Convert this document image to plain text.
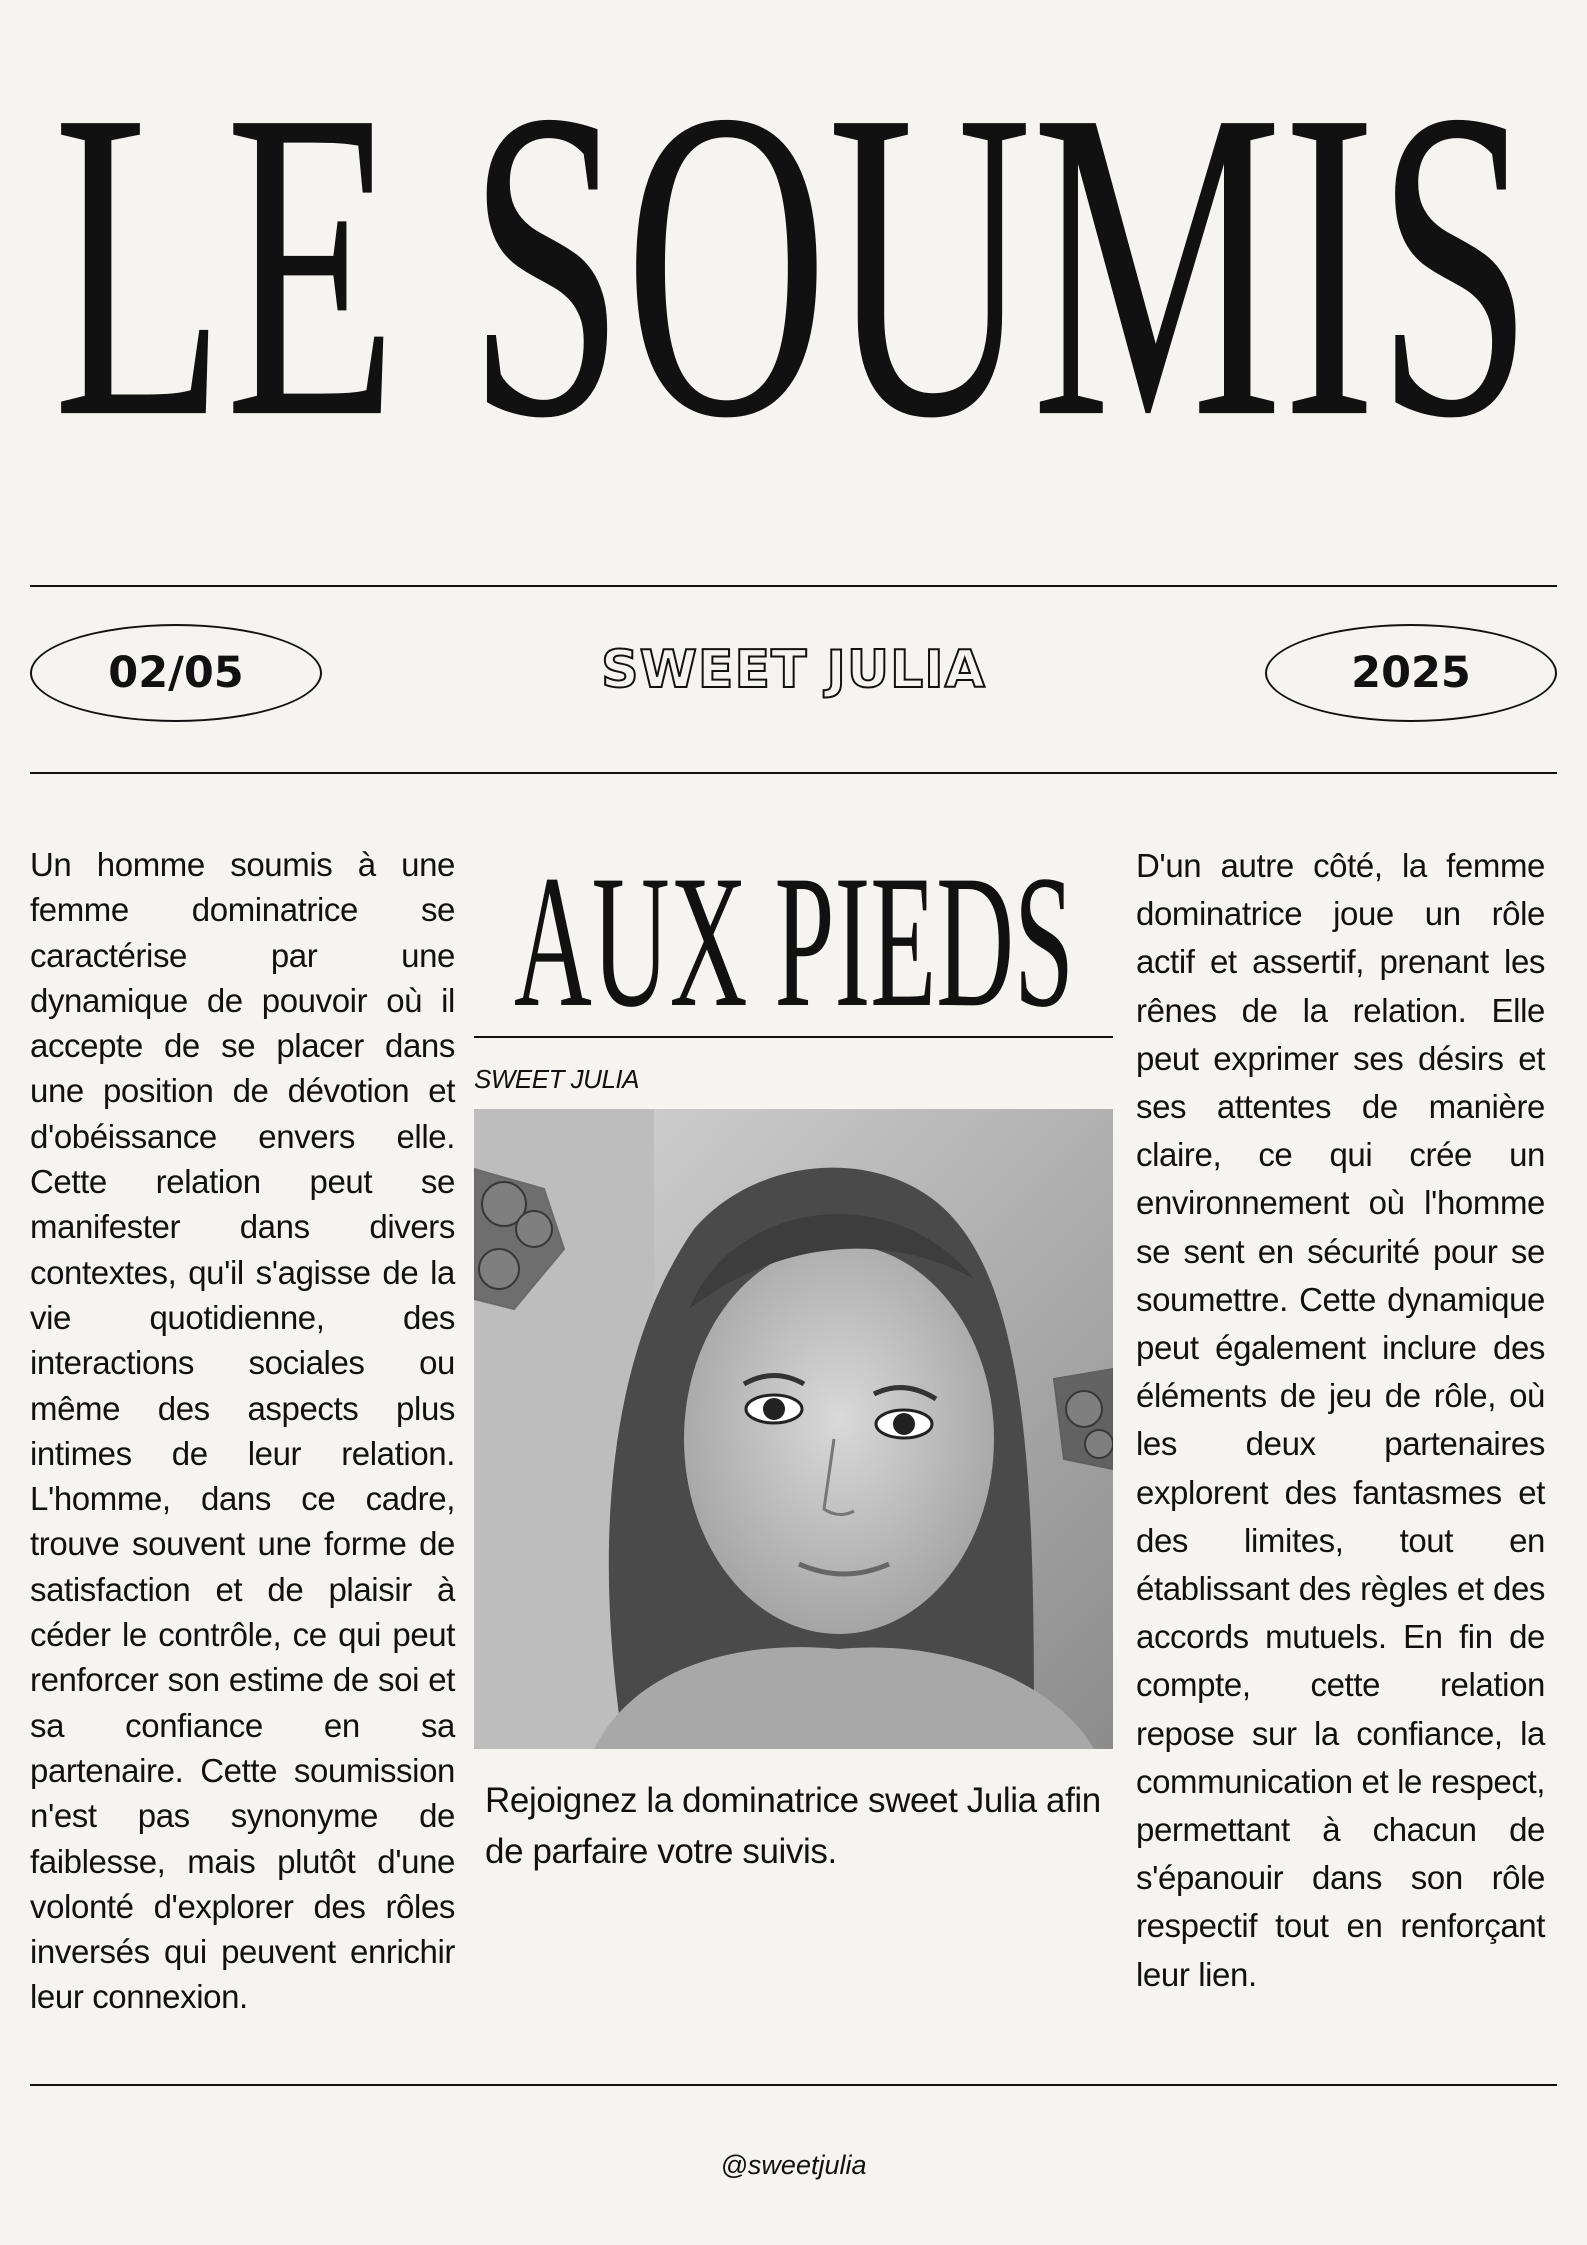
LE SOUMIS
02/05	SWEET JULIA	2025
Un homme soumis à une femme dominatrice se caractérise par une dynamique de pouvoir où il accepte de se placer dans une position de dévotion et d'obéissance envers elle. Cette relation peut se manifester dans divers contextes, qu'il s'agisse de la vie quotidienne, des interactions sociales ou même des aspects plus intimes de leur relation. L'homme, dans ce cadre, trouve souvent une forme de satisfaction et de plaisir à céder le contrôle, ce qui peut renforcer son estime de soi et sa confiance en sa partenaire. Cette soumission n'est pas synonyme de faiblesse, mais plutôt d'une volonté d'explorer des rôles inversés qui peuvent enrichir leur connexion.
AUX PIEDS
SWEET JULIA
Rejoignez la dominatrice sweet Julia afin de parfaire votre suivis.
D'un autre côté, la femme dominatrice joue un rôle actif et assertif, prenant les rênes de la relation. Elle peut exprimer ses désirs et ses attentes de manière claire, ce qui crée un environnement où l'homme se sent en sécurité pour se soumettre. Cette dynamique peut également inclure des éléments de jeu de rôle, où les deux partenaires explorent des fantasmes et des limites, tout en établissant des règles et des accords mutuels. En fin de compte, cette relation repose sur la confiance, la communication et le respect, permettant à chacun de s'épanouir dans son rôle respectif tout en renforçant leur lien.
@sweetjulia
